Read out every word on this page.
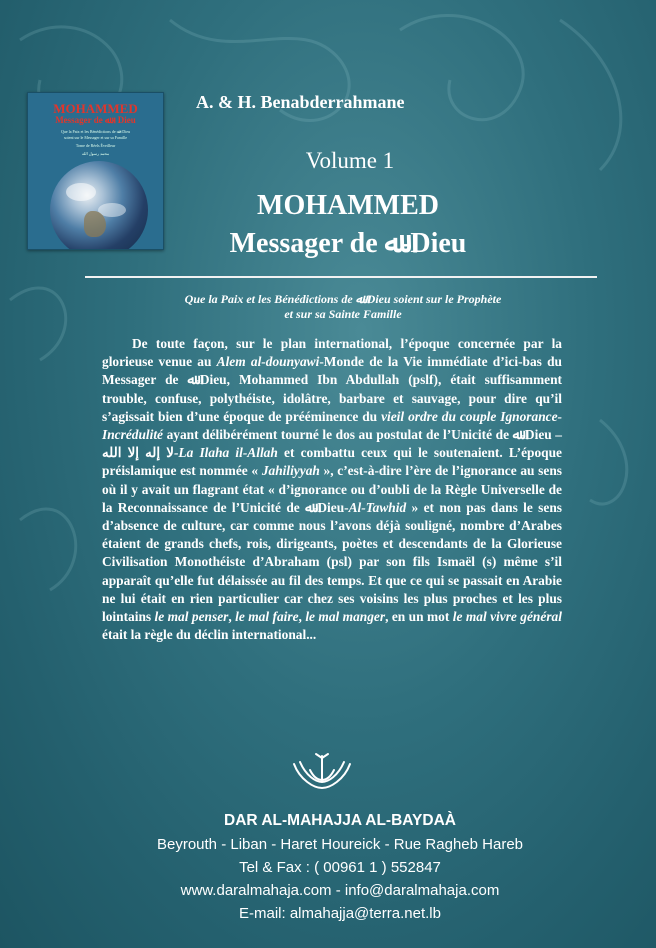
MOHAMMED
Messager de ﷲ - Dieu
Que la Paix et les Bénédictions de ﷲ - Dieu
soient sur le Messager et sur sa Famille
Tome de Réels Éveilleur
محمد رسول الله
A. & H. Benabderrahmane
Volume 1
MOHAMMED
Messager de ﷲ-Dieu
Que la Paix et les Bénédictions de ﷲ-Dieu soient sur le Prophète
et sur sa Sainte Famille

De toute façon, sur le plan international, l’époque concernée par la glorieuse venue au Alem al-dounyawi-Monde de la Vie immédiate d’ici-bas du Messager de ﷲ-Dieu, Mohammed Ibn Abdullah (pslf), était suffisamment trouble, confuse, polythéiste, idolâtre, barbare et sauvage, pour dire qu’il s’agissait bien d’une époque de prééminence du vieil ordre du couple Ignorance-Incrédulité ayant délibérément tourné le dos au postulat de l’Unicité de ﷲ-Dieu – لا إله إلا الله-La Ilaha il-Allah et combattu ceux qui le soutenaient. L’époque préislamique est nommée « Jahiliyyah », c’est-à-dire l’ère de l’ignorance au sens où il y avait un flagrant état « d’ignorance ou d’oubli de la Règle Universelle de la Reconnaissance de l’Unicité de ﷲ-Dieu-Al-Tawhid » et non pas dans le sens d’absence de culture, car comme nous l’avons déjà souligné, nombre d’Arabes étaient de grands chefs, rois, dirigeants, poètes et descendants de la Glorieuse Civilisation Monothéiste d’Abraham (psl) par son fils Ismaël (s) même s’il apparaît qu’elle fut délaissée au fil des temps. Et que ce qui se passait en Arabie ne lui était en rien particulier car chez ses voisins les plus proches et les plus lointains le mal penser, le mal faire, le mal manger, en un mot le mal vivre général était la règle du déclin international...

DAR AL-MAHAJJA AL-BAYDAÀ
Beyrouth - Liban - Haret Houreick - Rue Ragheb Hareb
Tel & Fax : ( 00961 1 ) 552847
www.daralmahaja.com - info@daralmahaja.com
E-mail: almahajja@terra.net.lb
